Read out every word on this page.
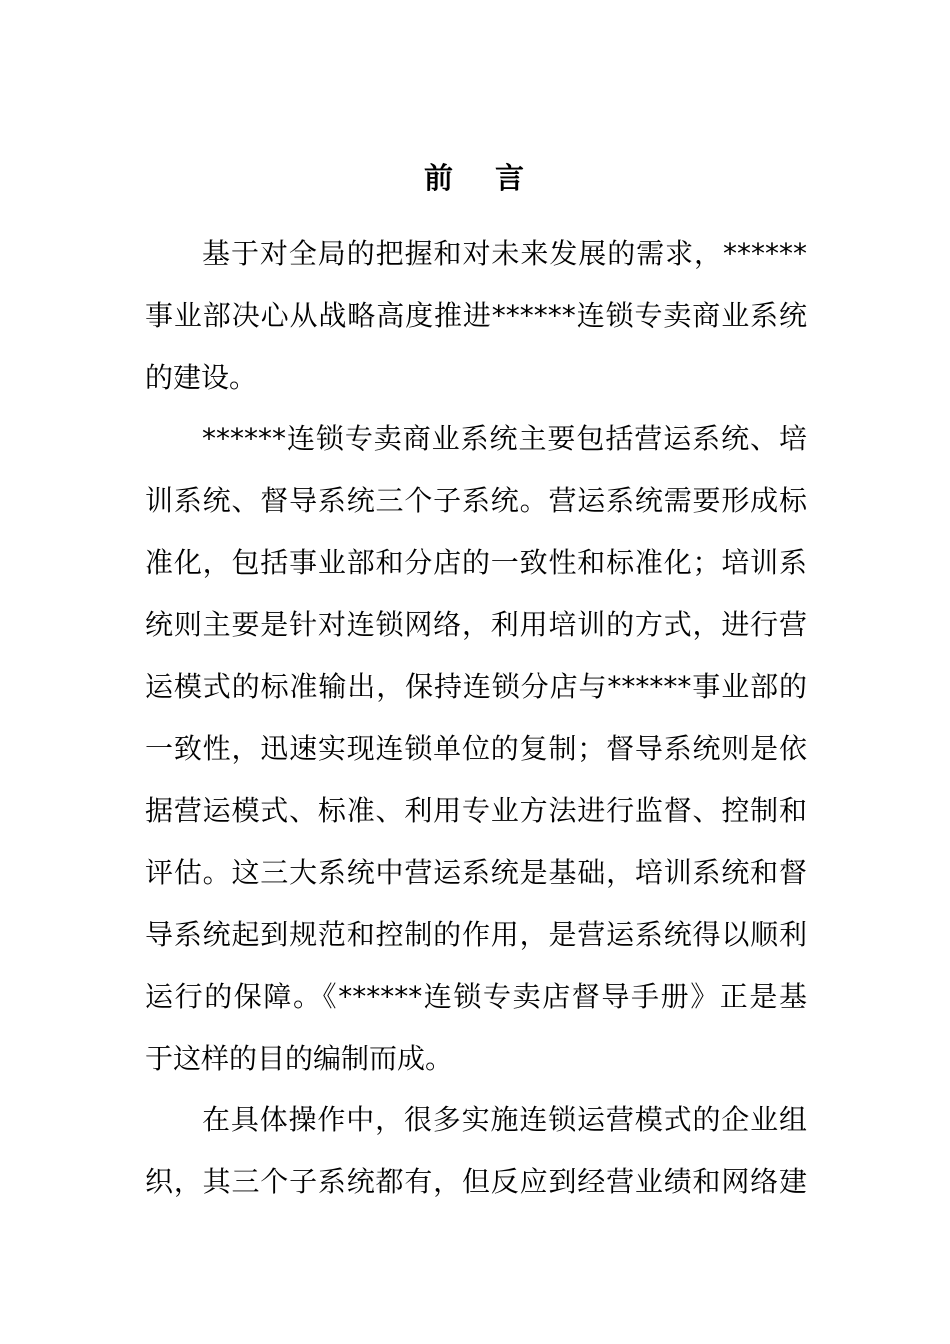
前 言
基于对全局的把握和对未来发展的需求，******
事业部决心从战略高度推进******连锁专卖商业系统
的建设。
******连锁专卖商业系统主要包括营运系统、培
训系统、督导系统三个子系统。营运系统需要形成标
准化，包括事业部和分店的一致性和标准化；培训系
统则主要是针对连锁网络，利用培训的方式，进行营
运模式的标准输出，保持连锁分店与******事业部的
一致性，迅速实现连锁单位的复制；督导系统则是依
据营运模式、标准、利用专业方法进行监督、控制和
评估。这三大系统中营运系统是基础，培训系统和督
导系统起到规范和控制的作用，是营运系统得以顺利
运行的保障。《******连锁专卖店督导手册》正是基
于这样的目的编制而成。
在具体操作中，很多实施连锁运营模式的企业组
织，其三个子系统都有，但反应到经营业绩和网络建
